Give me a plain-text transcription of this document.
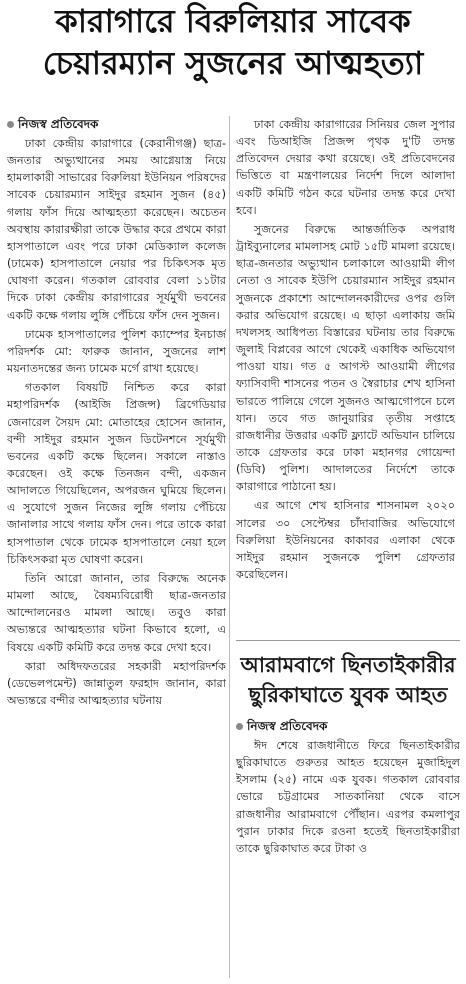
কারাগারে বিরুলিয়ার সাবেক
চেয়ারম্যান সুজনের আত্মহত্যা
নিজস্ব প্রতিবেদক

ঢাকা কেন্দ্রীয় কারাগারে (কেরানীগঞ্জ) ছাত্র-জনতার অভ্যুত্থানের সময় আগ্নেয়াস্ত্র নিয়ে হামলাকারী সাভারের বিরুলিয়া ইউনিয়ন পরিষদের সাবেক চেয়ারম্যান সাইদুর রহমান সুজন (৪৫) গলায় ফাঁস দিয়ে আত্মহত্যা করেছেন। অচেতন অবস্থায় কারারক্ষীরা তাকে উদ্ধার করে প্রথমে কারা হাসপাতালে এবং পরে ঢাকা মেডিক্যাল কলেজ (ঢামেক) হাসপাতালে নেয়ার পর চিকিৎসক মৃত ঘোষণা করেন। গতকাল রোববার বেলা ১১টার দিকে ঢাকা কেন্দ্রীয় কারাগারের সূর্যমুখী ভবনের একটি কক্ষে গলায় লুঙ্গি পেঁচিয়ে ফাঁস দেন সুজন।

ঢামেক হাসপাতালের পুলিশ ক্যাম্পের ইনচার্জ পরিদর্শক মো: ফারুক জানান, সুজনের লাশ ময়নাতদন্তের জন্য ঢামেক মর্গে রাখা হয়েছে।

গতকাল বিষয়টি নিশ্চিত করে কারা মহাপরিদর্শক (আইজি প্রিজন্স) ব্রিগেডিয়ার জেনারেল সৈয়দ মো: মোতাহের হোসেন জানান, বন্দী সাইদুর রহমান সুজন ডিটেনশনে সূর্যমুখী ভবনের একটি কক্ষে ছিলেন। সকালে নাস্তাও করেছেন। ওই কক্ষে তিনজন বন্দী, একজন আদালতে গিয়েছিলেন, অপরজন ঘুমিয়ে ছিলেন। এ সুযোগে সুজন নিজের লুঙ্গি গলায় পেঁচিয়ে জানালার সাথে গলায় ফাঁস দেন। পরে তাকে কারা হাসপাতাল থেকে ঢামেক হাসপাতালে নেয়া হলে চিকিৎসকরা মৃত ঘোষণা করেন।

তিনি আরো জানান, তার বিরুদ্ধে অনেক মামলা আছে, বৈষম্যবিরোধী ছাত্র-জনতার আন্দোলনেরও মামলা আছে। তবুও কারা অভ্যন্তরে আত্মহত্যার ঘটনা কিভাবে হলো, এ বিষয়ে একটি কমিটি করে তদন্ত করে দেখা হবে।

কারা অধিদফতরের সহকারী মহাপরিদর্শক (ডেভেলপমেন্ট) জান্নাতুল ফরহাদ জানান, কারা অভ্যন্তরে বন্দীর আত্মহত্যার ঘটনায়

ঢাকা কেন্দ্রীয় কারাগারের সিনিয়র জেল সুপার এবং ডিআইজি প্রিজন্স পৃথক দু'টি তদন্ত প্রতিবেদন দেয়ার কথা রয়েছে। ওই প্রতিবেদনের ভিত্তিতে বা মন্ত্রণালয়ের নির্দেশ দিলে আলাদা একটি কমিটি গঠন করে ঘটনার তদন্ত করে দেখা হবে।

সুজনের বিরুদ্ধে আন্তর্জাতিক অপরাধ ট্রাইব্যুনালের মামলাসহ মোট ১৫টি মামলা রয়েছে। ছাত্র-জনতার অভ্যুত্থান চলাকালে আওয়ামী লীগ নেতা ও সাবেক ইউপি চেয়ারম্যান সাইদুর রহমান সুজনকে প্রকাশ্যে আন্দোলনকারীদের ওপর গুলি করার অভিযোগ রয়েছে। এ ছাড়া এলাকায় জমি দখলসহ আধিপত্য বিস্তারের ঘটনায় তার বিরুদ্ধে জুলাই বিপ্লবের আগে থেকেই একাধিক অভিযোগ পাওয়া যায়। গত ৫ আগস্ট আওয়ামী লীগের ফ্যাসিবাদী শাসনের পতন ও স্বৈরাচার শেখ হাসিনা ভারতে পালিয়ে গেলে সুজনও আত্মগোপনে চলে যান। তবে গত জানুয়ারির তৃতীয় সপ্তাহে রাজধানীর উত্তরার একটি ফ্ল্যাটে অভিযান চালিয়ে তাকে গ্রেফতার করে ঢাকা মহানগর গোয়েন্দা (ডিবি) পুলিশ। আদালতের নির্দেশে তাকে কারাগারে পাঠানো হয়।

এর আগে শেখ হাসিনার শাসনামল ২০২০ সালের ৩০ সেপ্টেম্বর চাঁদাবাজির অভিযোগে বিরুলিয়া ইউনিয়নের কাকাবর এলাকা থেকে সাইদুর রহমান সুজনকে পুলিশ গ্রেফতার করেছিলেন।

আরামবাগে ছিনতাইকারীর
ছুরিকাঘাতে যুবক আহত
নিজস্ব প্রতিবেদক

ঈদ শেষে রাজধানীতে ফিরে ছিনতাইকারীর ছুরিকাঘাতে গুরুতর আহত হয়েছেন মুজাহিদুল ইসলাম (২৫) নামে এক যুবক। গতকাল রোববার ভোরে চট্টগ্রামের সাতকানিয়া থেকে বাসে রাজধানীর আরামবাগে পৌঁছান। এরপর কমলাপুর পুরান ঢাকার দিকে রওনা হতেই ছিনতাইকারীরা তাকে ছুরিকাঘাত করে টাকা ও
